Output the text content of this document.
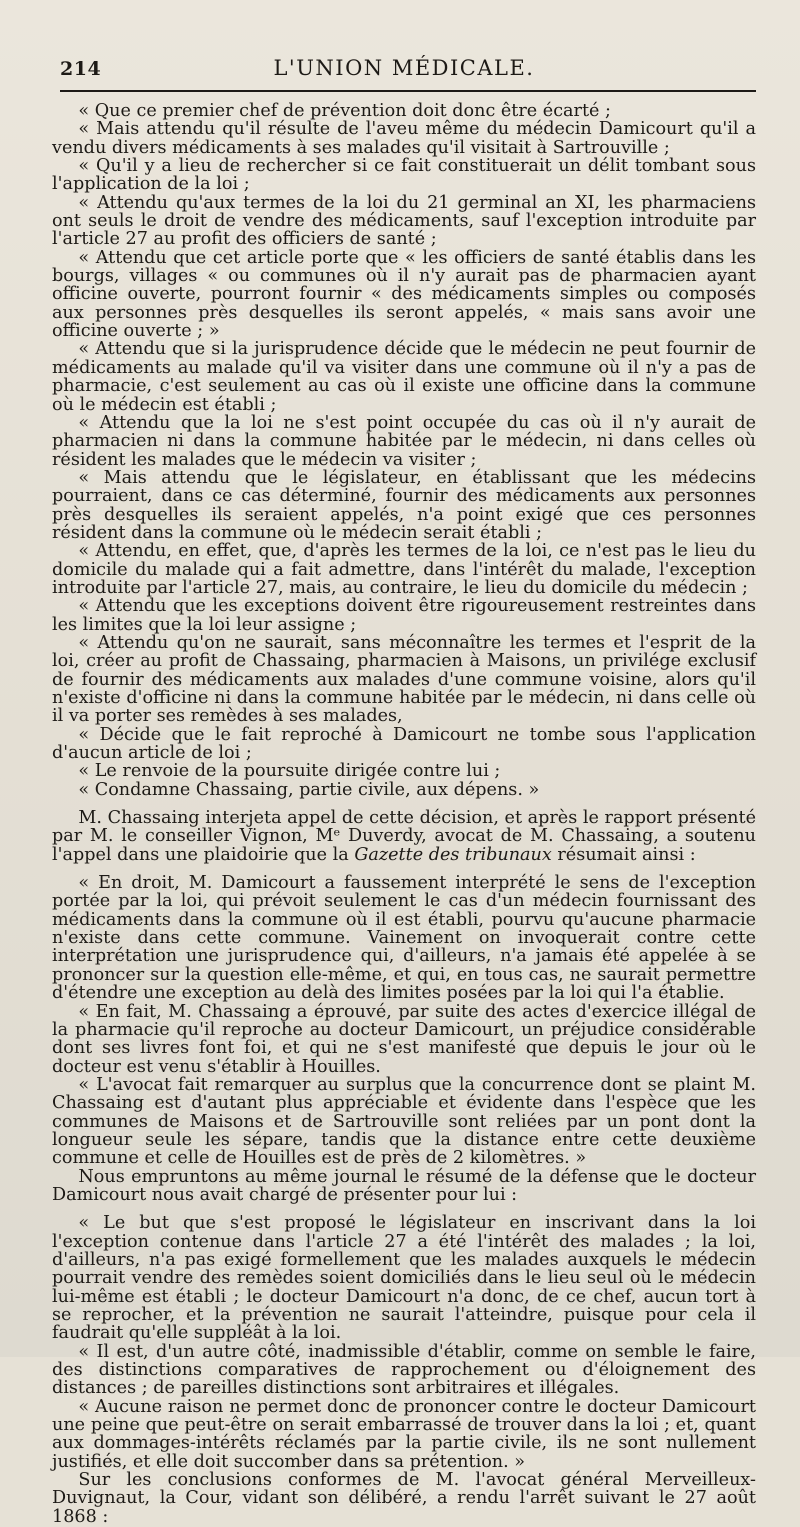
214	L'UNION MÉDICALE.

« Que ce premier chef de prévention doit donc être écarté ;

« Mais attendu qu'il résulte de l'aveu même du médecin Damicourt qu'il a vendu divers médicaments à ses malades qu'il visitait à Sartrouville ;

« Qu'il y a lieu de rechercher si ce fait constituerait un délit tombant sous l'application de la loi ;

« Attendu qu'aux termes de la loi du 21 germinal an XI, les pharmaciens ont seuls le droit de vendre des médicaments, sauf l'exception introduite par l'article 27 au profit des officiers de santé ;

« Attendu que cet article porte que « les officiers de santé établis dans les bourgs, villages « ou communes où il n'y aurait pas de pharmacien ayant officine ouverte, pourront fournir « des médicaments simples ou composés aux personnes près desquelles ils seront appelés, « mais sans avoir une officine ouverte ; »

« Attendu que si la jurisprudence décide que le médecin ne peut fournir de médicaments au malade qu'il va visiter dans une commune où il n'y a pas de pharmacie, c'est seulement au cas où il existe une officine dans la commune où le médecin est établi ;

« Attendu que la loi ne s'est point occupée du cas où il n'y aurait de pharmacien ni dans la commune habitée par le médecin, ni dans celles où résident les malades que le médecin va visiter ;

« Mais attendu que le législateur, en établissant que les médecins pourraient, dans ce cas déterminé, fournir des médicaments aux personnes près desquelles ils seraient appelés, n'a point exigé que ces personnes résident dans la commune où le médecin serait établi ;

« Attendu, en effet, que, d'après les termes de la loi, ce n'est pas le lieu du domicile du malade qui a fait admettre, dans l'intérêt du malade, l'exception introduite par l'article 27, mais, au contraire, le lieu du domicile du médecin ;

« Attendu que les exceptions doivent être rigoureusement restreintes dans les limites que la loi leur assigne ;

« Attendu qu'on ne saurait, sans méconnaître les termes et l'esprit de la loi, créer au profit de Chassaing, pharmacien à Maisons, un privilége exclusif de fournir des médicaments aux malades d'une commune voisine, alors qu'il n'existe d'officine ni dans la commune habitée par le médecin, ni dans celle où il va porter ses remèdes à ses malades,

« Décide que le fait reproché à Damicourt ne tombe sous l'application d'aucun article de loi ;

« Le renvoie de la poursuite dirigée contre lui ;

« Condamne Chassaing, partie civile, aux dépens. »

M. Chassaing interjeta appel de cette décision, et après le rapport présenté par M. le conseiller Vignon, Mᵉ Duverdy, avocat de M. Chassaing, a soutenu l'appel dans une plaidoirie que la Gazette des tribunaux résumait ainsi :

« En droit, M. Damicourt a faussement interprété le sens de l'exception portée par la loi, qui prévoit seulement le cas d'un médecin fournissant des médicaments dans la commune où il est établi, pourvu qu'aucune pharmacie n'existe dans cette commune. Vainement on invoquerait contre cette interprétation une jurisprudence qui, d'ailleurs, n'a jamais été appelée à se prononcer sur la question elle-même, et qui, en tous cas, ne saurait permettre d'étendre une exception au delà des limites posées par la loi qui l'a établie.

« En fait, M. Chassaing a éprouvé, par suite des actes d'exercice illégal de la pharmacie qu'il reproche au docteur Damicourt, un préjudice considérable dont ses livres font foi, et qui ne s'est manifesté que depuis le jour où le docteur est venu s'établir à Houilles.

« L'avocat fait remarquer au surplus que la concurrence dont se plaint M. Chassaing est d'autant plus appréciable et évidente dans l'espèce que les communes de Maisons et de Sartrouville sont reliées par un pont dont la longueur seule les sépare, tandis que la distance entre cette deuxième commune et celle de Houilles est de près de 2 kilomètres. »

Nous empruntons au même journal le résumé de la défense que le docteur Damicourt nous avait chargé de présenter pour lui :

« Le but que s'est proposé le législateur en inscrivant dans la loi l'exception contenue dans l'article 27 a été l'intérêt des malades ; la loi, d'ailleurs, n'a pas exigé formellement que les malades auxquels le médecin pourrait vendre des remèdes soient domiciliés dans le lieu seul où le médecin lui-même est établi ; le docteur Damicourt n'a donc, de ce chef, aucun tort à se reprocher, et la prévention ne saurait l'atteindre, puisque pour cela il faudrait qu'elle suppléât à la loi.

« Il est, d'un autre côté, inadmissible d'établir, comme on semble le faire, des distinctions comparatives de rapprochement ou d'éloignement des distances ; de pareilles distinctions sont arbitraires et illégales.

« Aucune raison ne permet donc de prononcer contre le docteur Damicourt une peine que peut-être on serait embarrassé de trouver dans la loi ; et, quant aux dommages-intérêts réclamés par la partie civile, ils ne sont nullement justifiés, et elle doit succomber dans sa prétention. »

Sur les conclusions conformes de M. l'avocat général Merveilleux-Duvignaut, la Cour, vidant son délibéré, a rendu l'arrêt suivant le 27 août 1868 :
